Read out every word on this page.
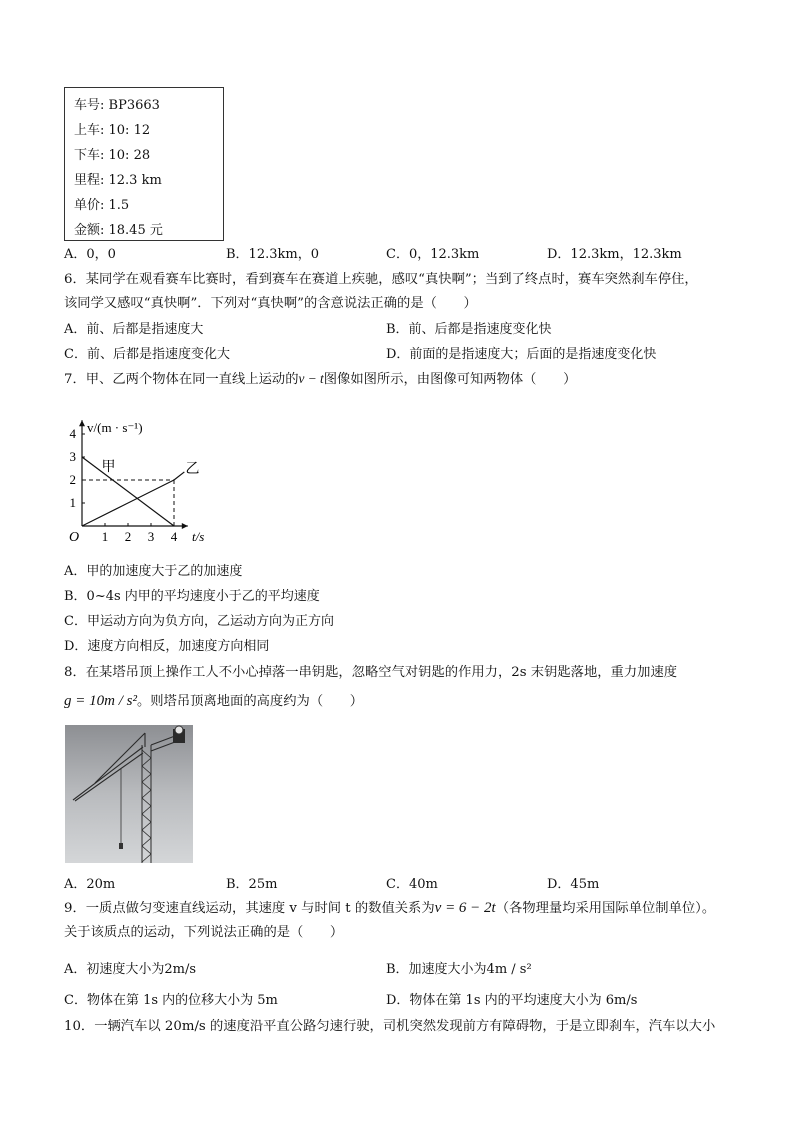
车号: BP3663
上车: 10: 12
下车: 10: 28
里程: 12.3 km
单价: 1.5
金额: 18.45 元
A．0，0	B．12.3km，0	C．0，12.3km	D．12.3km，12.3km
6．某同学在观看赛车比赛时，看到赛车在赛道上疾驰，感叹“真快啊”；当到了终点时，赛车突然刹车停住，
该同学又感叹“真快啊”．下列对“真快啊”的含意说法正确的是（　　）
A．前、后都是指速度大	B．前、后都是指速度变化快
C．前、后都是指速度变化大	D．前面的是指速度大；后面的是指速度变化快
7．甲、乙两个物体在同一直线上运动的v − t图像如图所示，由图像可知两物体（　　）
1 2 3 4
1
2
3
4
O
v/(m · s⁻¹)
t/s
甲	乙
A．甲的加速度大于乙的加速度
B．0~4s 内甲的平均速度小于乙的平均速度
C．甲运动方向为负方向，乙运动方向为正方向
D．速度方向相反，加速度方向相同
8．在某塔吊顶上操作工人不小心掉落一串钥匙，忽略空气对钥匙的作用力，2s 末钥匙落地，重力加速度
g = 10m / s²。则塔吊顶离地面的高度约为（　　）
A．20m	B．25m	C．40m	D．45m
9．一质点做匀变速直线运动，其速度 v 与时间 t 的数值关系为v = 6 − 2t（各物理量均采用国际单位制单位）。
关于该质点的运动，下列说法正确的是（　　）
A．初速度大小为2m/s	B．加速度大小为4m / s²
C．物体在第 1s 内的位移大小为 5m	D．物体在第 1s 内的平均速度大小为 6m/s
10．一辆汽车以 20m/s 的速度沿平直公路匀速行驶，司机突然发现前方有障碍物，于是立即刹车，汽车以大小
